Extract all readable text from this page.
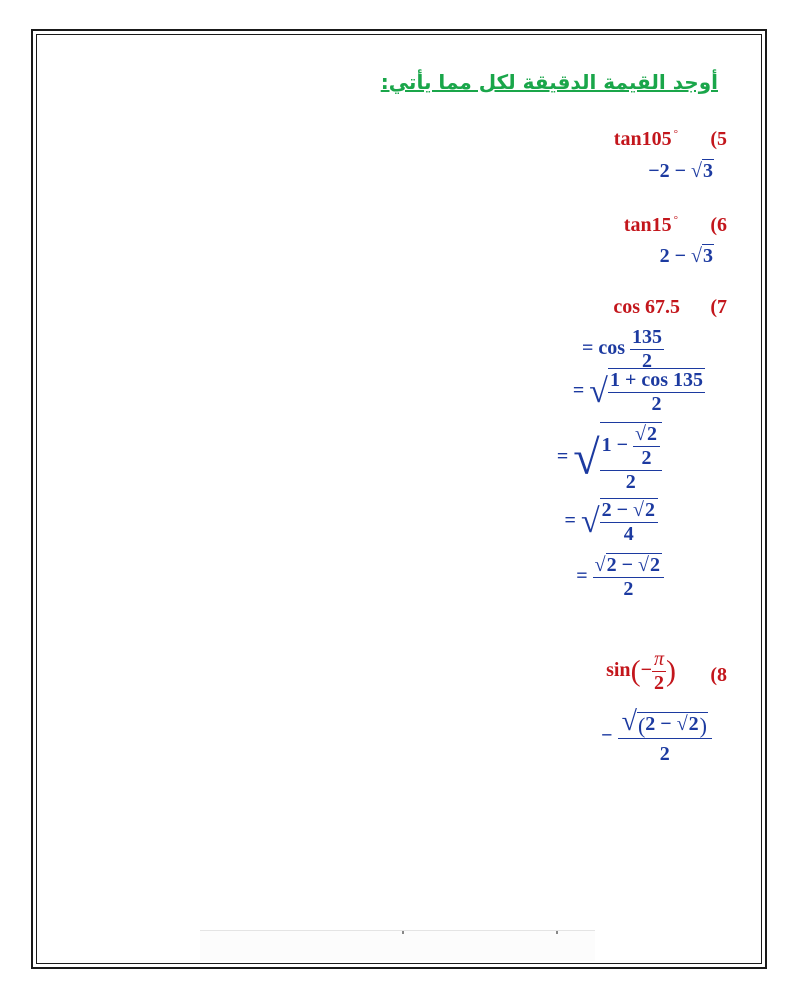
أوجد القيمة الدقيقة لكل مما يأتي:
(5
tan105 °
−2 − √3
(6
tan15 °
2 − √3
(7
cos 67.5
= $\cos \frac{135}{2}$
= √ $\frac{1 + \cos 135}{2}$
= √ $\frac{1 - \frac{√2}{2}}{2}$
= √ $\frac{2 - √2}{4}$
= $\frac{√2 - √2}{2}$
(8
$\sin(- \frac{\pi}{2}$ )
− $\frac{√(2 - √2)}{2}$
